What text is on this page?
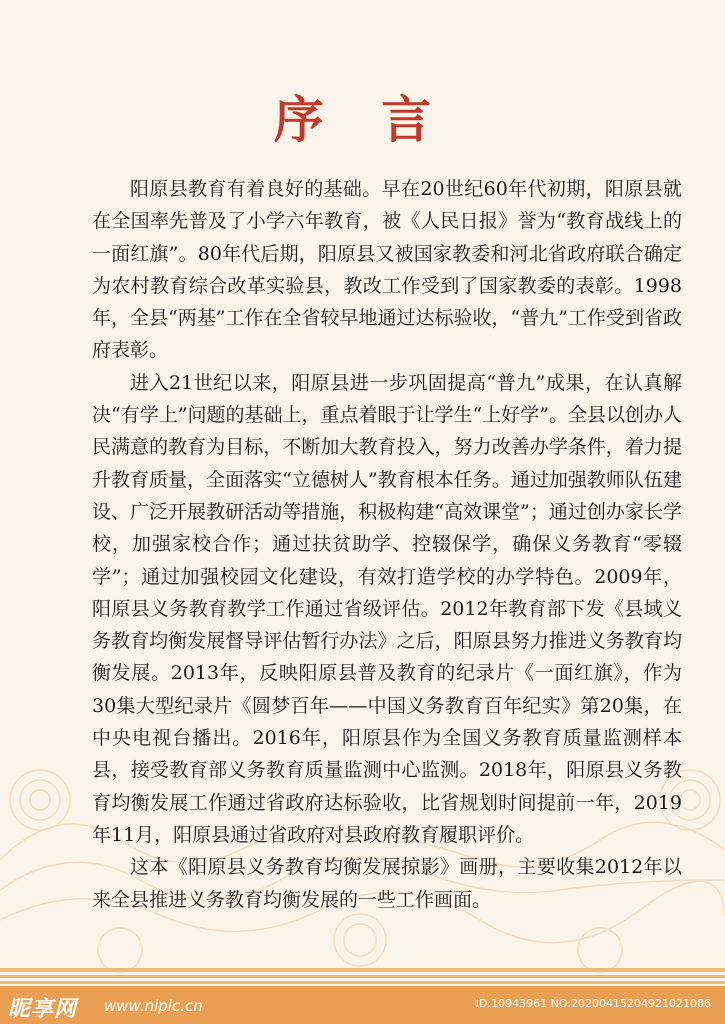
序 言

阳原县教育有着良好的基础。早在20世纪60年代初期，阳原县就在全国率先普及了小学六年教育，被《人民日报》誉为“教育战线上的一面红旗”。80年代后期，阳原县又被国家教委和河北省政府联合确定为农村教育综合改革实验县，教改工作受到了国家教委的表彰。1998年，全县“两基”工作在全省较早地通过达标验收，“普九”工作受到省政府表彰。

进入21世纪以来，阳原县进一步巩固提高“普九”成果，在认真解决“有学上”问题的基础上，重点着眼于让学生“上好学”。全县以创办人民满意的教育为目标，不断加大教育投入，努力改善办学条件，着力提升教育质量，全面落实“立德树人”教育根本任务。通过加强教师队伍建设、广泛开展教研活动等措施，积极构建“高效课堂”；通过创办家长学校，加强家校合作；通过扶贫助学、控辍保学，确保义务教育“零辍学”；通过加强校园文化建设，有效打造学校的办学特色。2009年，阳原县义务教育教学工作通过省级评估。2012年教育部下发《县域义务教育均衡发展督导评估暂行办法》之后，阳原县努力推进义务教育均衡发展。2013年，反映阳原县普及教育的纪录片《一面红旗》，作为30集大型纪录片《圆梦百年——中国义务教育百年纪实》第20集，在中央电视台播出。2016年，阳原县作为全国义务教育质量监测样本县，接受教育部义务教育质量监测中心监测。2018年，阳原县义务教育均衡发展工作通过省政府达标验收，比省规划时间提前一年，2019年11月，阳原县通过省政府对县政府教育履职评价。

这本《阳原县义务教育均衡发展掠影》画册，主要收集2012年以来全县推进义务教育均衡发展的一些工作画面。

昵享网 www.nipic.cn	ID:10943961 NO:20200415204921021086
